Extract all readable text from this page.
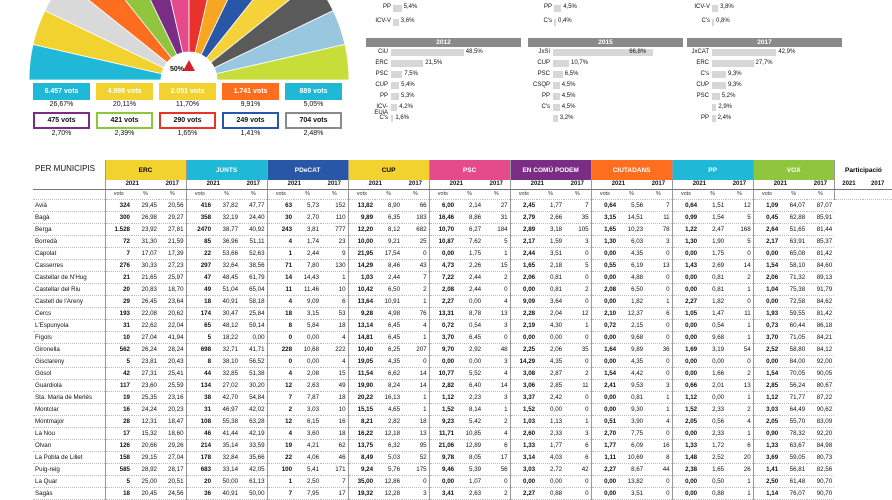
50%
6.457 vots
26,67%
4.998 vots
20,11%
2.051 vots
11,70%
1.741 vots
9,91%
889 vots
5,05%
475 vots
2,70%
421 vots
2,39%
290 vots
1,65%
249 vots
1,41%
704 vots
2,48%
PP 5,4%
ICV-V 3,6%
PP 4,5%
C's 0,4%
ICV-V 3,8%
C's 0,8%
2012
CiU	48,5%
ERC	21,5%
PSC	7,5%
CUP 5,4%
PP 5,3%
ICV-EUiA
4,2%
C's 1,6%
2015
JxSí	66,8%
CUP	10,7%
PSC 6,5%
CSQP 4,5%
PP 4,5%
C's 4,5%
3,2%
2017
JxCAT	42,9%
ERC	27,7%
C's	9,3%
CUP	9,3%
PSC 5,2%
2,9%
PP 2,4%
PER MUNICIPIS	ERC			JUNTS			PDeCAT			CUP			PSC			EN COMÚ PODEM			CIUTADANS			PP			VOX			Participació	
	2021		2017	2021		2017	2021		2017	2021		2017	2021		2017	2021		2017	2021		2017	2021		2017	2021		2017	2021	2017
	vots	%	%	vots	%	%	vots	%	%	vots	%	%	vots	%	%	vots	%	%	vots	%	%	vots	%	%	vots	%	%		
Avià	324	29,45	20,56	416	37,82	47,77	63	5,73	152	13,82	8,90	66	6,00	2,14	27	2,45	1,77	7	0,64	5,56	7	0,64	1,51	12	1,09	64,07	87,07		
Bagà	300	26,98	29,27	358	32,19	24,40	30	2,70	110	9,89	6,35	183	16,46	8,86	31	2,79	2,66	35	3,15	14,51	11	0,99	1,54	5	0,45	62,88	85,91		
Berga	1.528	23,92	27,81	2470	38,77	40,92	243	3,81	777	12,20	8,12	682	10,70	6,27	184	2,89	3,18	105	1,65	10,23	78	1,22	2,47	168	2,64	51,65	81,44		
Borredà	72	31,30	21,59	85	36,96	51,11	4	1,74	23	10,00	9,21	25	10,87	7,62	5	2,17	1,59	3	1,30	6,03	3	1,30	1,90	5	2,17	63,91	85,37		
Capolat	7	17,07	17,39	22	53,66	52,63	1	2,44	9	21,95	17,54	0	0,00	1,75	1	2,44	3,51	0	0,00	4,35	0	0,00	1,75	0	0,00	65,08	81,42		
Casserres	276	30,33	27,23	297	32,64	38,56	71	7,80	130	14,29	8,46	43	4,73	2,26	15	1,65	2,18	5	0,55	6,19	13	1,43	2,69	14	1,54	58,10	84,60		
Castellar de N'Hug	21	21,65	25,97	47	48,45	61,79	14	14,43	1	1,03	2,44	7	7,22	2,44	2	2,06	0,81	0	0,00	4,88	0	0,00	0,81	2	2,06	71,32	89,13		
Castellar del Riu	20	20,83	18,70	49	51,04	65,04	11	11,46	10	10,42	6,50	2	2,08	2,44	0	0,00	0,81	2	2,08	6,50	0	0,00	0,81	1	1,04	75,38	91,79		
Castell de l'Areny	29	26,45	23,64	18	40,91	58,18	4	9,09	6	13,64	10,91	1	2,27	0,00	4	9,09	3,64	0	0,00	1,82	1	2,27	1,82	0	0,00	72,58	84,62		
Cercs	193	22,08	20,62	174	30,47	25,84	18	3,15	53	9,28	4,98	76	13,31	8,78	13	2,28	2,04	12	2,10	12,37	6	1,05	1,47	11	1,93	59,55	81,42		
L'Espunyola	31	22,62	22,04	65	48,12	59,14	8	5,84	18	13,14	6,45	4	0,72	0,54	3	2,19	4,30	1	0,72	2,15	0	0,00	0,54	1	0,73	60,44	86,18		
Fígols	10	27,04	41,94	5	18,22	0,00	0	0,00	4	14,81	6,45	1	3,70	6,45	0	0,00	0,00	0	0,00	9,68	0	0,00	9,68	1	3,70	71,05	84,21		
Gironella	562	26,24	28,24	698	32,71	41,71	228	10,68	222	10,40	6,25	207	9,70	2,92	48	2,25	2,06	35	1,64	9,89	36	1,69	3,19	54	2,52	58,80	84,12		
Gisclareny	5	23,81	20,43	8	38,10	56,52	0	0,00	4	19,05	4,35	0	0,00	0,00	3	14,29	4,35	0	0,00	4,35	0	0,00	0,00	0	0,00	84,00	92,00		
Gósol	42	27,31	25,41	44	32,85	51,38	4	2,08	15	11,54	6,62	14	10,77	5,52	4	3,08	2,87	2	1,54	4,42	0	0,00	1,66	2	1,54	70,05	90,05		
Guardiola	117	23,60	25,59	134	27,02	30,20	12	2,63	49	19,90	8,24	14	2,82	6,40	14	3,06	2,85	11	2,41	9,53	3	0,66	2,01	13	2,85	56,24	80,67		
Sta. Maria de Merlès	19	25,35	23,16	38	42,70	54,84	7	7,87	18	20,22	16,13	1	1,12	2,23	3	3,37	2,42	0	0,00	0,81	1	1,12	0,00	1	1,12	71,77	87,22		
Montclar	16	24,24	20,23	31	46,97	42,02	2	3,03	10	15,15	4,65	1	1,52	8,14	1	1,52	0,00	0	0,00	9,30	1	1,52	2,33	2	3,03	64,49	90,62		
Montmajor	28	12,31	18,47	108	55,38	63,28	12	6,15	16	8,21	2,82	18	9,23	5,42	2	1,03	1,13	1	0,51	3,90	4	2,05	0,56	4	2,05	55,70	83,09		
La Nou	17	15,32	18,60	46	41,44	42,19	4	3,60	18	16,22	12,18	13	11,71	10,85	4	2,60	2,33	3	2,70	7,75	0	0,00	2,33	1	0,90	78,32	92,20		
Olvan	126	20,66	29,26	214	35,14	33,59	19	4,21	62	13,75	6,32	95	21,06	12,89	6	1,33	1,77	6	1,77	6,09	16	1,33	1,72	6	1,33	63,67	84,98		
La Pobla de Lillet	158	29,15	27,04	178	32,84	35,66	22	4,06	46	8,49	5,03	52	9,78	8,05	17	3,14	4,03	6	1,11	10,69	8	1,48	2,52	20	3,69	59,05	80,73		
Puig-reig	585	28,92	28,17	683	33,14	42,05	100	5,41	171	9,24	5,76	175	9,46	5,39	56	3,03	2,72	42	2,27	8,67	44	2,38	1,65	26	1,41	56,81	82,56		
La Quar	5	25,00	20,51	20	50,00	61,13	1	2,50	7	35,00	12,86	0	0,00	1,07	0	0,00	0,00	0	0,00	13,82	0	0,00	0,50	1	2,50	61,48	90,70		
Sagàs	18	20,45	24,56	36	40,91	50,00	7	7,95	17	19,32	12,28	3	3,41	2,63	2	2,27	0,88	0	0,00	3,51	0	0,00	0,88	1	1,14	76,07	90,70		
